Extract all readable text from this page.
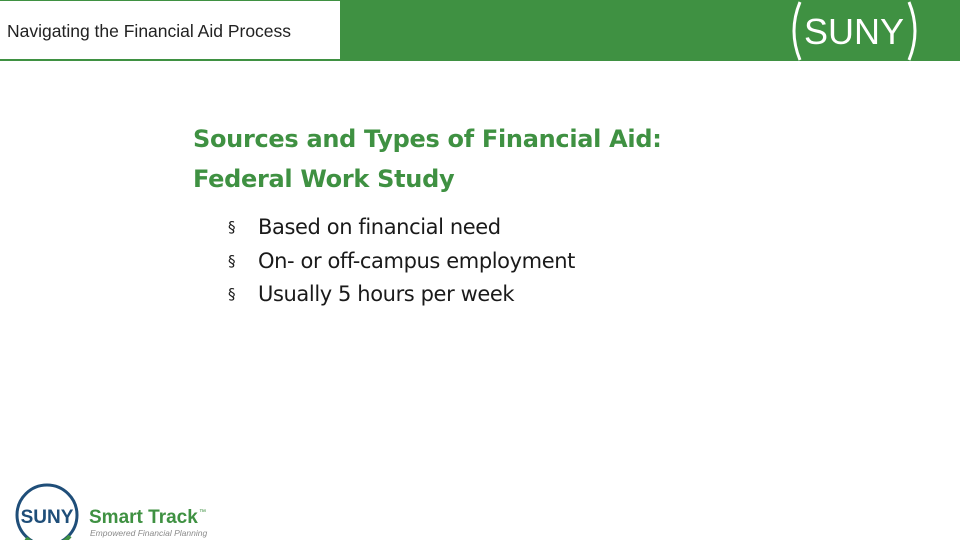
Navigating the Financial Aid Process	SUNY
Sources and Types of Financial Aid:
Federal Work Study
§ Based on financial need
§ On- or off-campus employment
§ Usually 5 hours per week
SUNY Smart Track ™
Empowered Financial Planning
